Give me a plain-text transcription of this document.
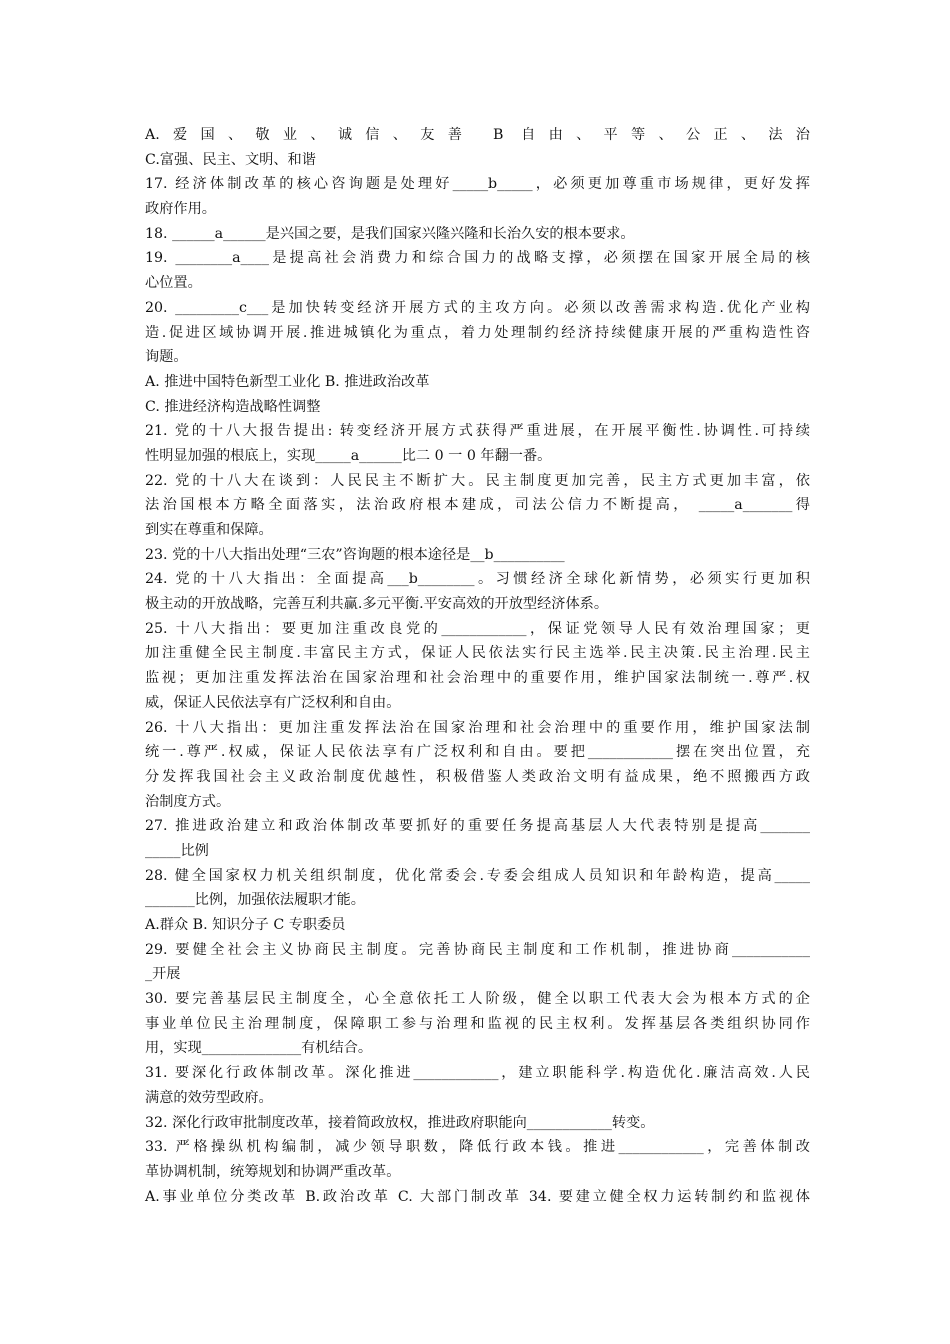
A.爱国、敬业、诚信、友善 B 自由、平等、公正、法治
C.富强、民主、文明、和谐
17. 经济体制改革的核心咨询题是处理好_____b_____，必须更加尊重市场规律，更好发挥
政府作用。
18. ______a______是兴国之要，是我们国家兴隆兴隆和长治久安的根本要求。
19. ________a____是提高社会消费力和综合国力的战略支撑，必须摆在国家开展全局的核
心位置。
20. _________c___是加快转变经济开展方式的主攻方向。必须以改善需求构造.优化产业构
造.促进区域协调开展.推进城镇化为重点，着力处理制约经济持续健康开展的严重构造性咨
询题。
A. 推进中国特色新型工业化 B. 推进政治改革
C. 推进经济构造战略性调整
21. 党的十八大报告提出: 转变经济开展方式获得严重进展，在开展平衡性.协调性.可持续
性明显加强的根底上，实现_____a______比二 0 一 0 年翻一番。
22. 党的十八大在谈到：人民民主不断扩大。民主制度更加完善，民主方式更加丰富，依
法治国根本方略全面落实，法治政府根本建成，司法公信力不断提高， _____a_______得
到实在尊重和保障。
23. 党的十八大指出处理“三农”咨询题的根本途径是__b__________
24. 党的十八大指出：全面提高___b________。习惯经济全球化新情势，必须实行更加积
极主动的开放战略，完善互利共赢.多元平衡.平安高效的开放型经济体系。
25. 十八大指出：要更加注重改良党的____________，保证党领导人民有效治理国家；更
加注重健全民主制度.丰富民主方式，保证人民依法实行民主选举.民主决策.民主治理.民主
监视；更加注重发挥法治在国家治理和社会治理中的重要作用，维护国家法制统一.尊严.权
威，保证人民依法享有广泛权利和自由。
26. 十八大指出：更加注重发挥法治在国家治理和社会治理中的重要作用，维护国家法制
统一.尊严.权威，保证人民依法享有广泛权利和自由。要把____________摆在突出位置，充
分发挥我国社会主义政治制度优越性，积极借鉴人类政治文明有益成果，绝不照搬西方政
治制度方式。
27. 推进政治建立和政治体制改革要抓好的重要任务提高基层人大代表特别是提高_______
_____比例
28. 健全国家权力机关组织制度，优化常委会.专委会组成人员知识和年龄构造，提高_____
_______比例，加强依法履职才能。
A.群众 B. 知识分子 C 专职委员
29. 要健全社会主义协商民主制度。完善协商民主制度和工作机制，推进协商___________
_开展
30. 要完善基层民主制度全，心全意依托工人阶级，健全以职工代表大会为根本方式的企
事业单位民主治理制度，保障职工参与治理和监视的民主权利。发挥基层各类组织协同作
用，实现______________有机结合。
31. 要深化行政体制改革。深化推进____________，建立职能科学.构造优化.廉洁高效.人民
满意的效劳型政府。
32. 深化行政审批制度改革，接着简政放权，推进政府职能向____________转变。
33. 严格操纵机构编制，减少领导职数，降低行政本钱。推进____________，完善体制改
革协调机制，统筹规划和协调严重改革。
A.事业单位分类改革 B.政治改革 C. 大部门制改革 34. 要建立健全权力运转制约和监视体
